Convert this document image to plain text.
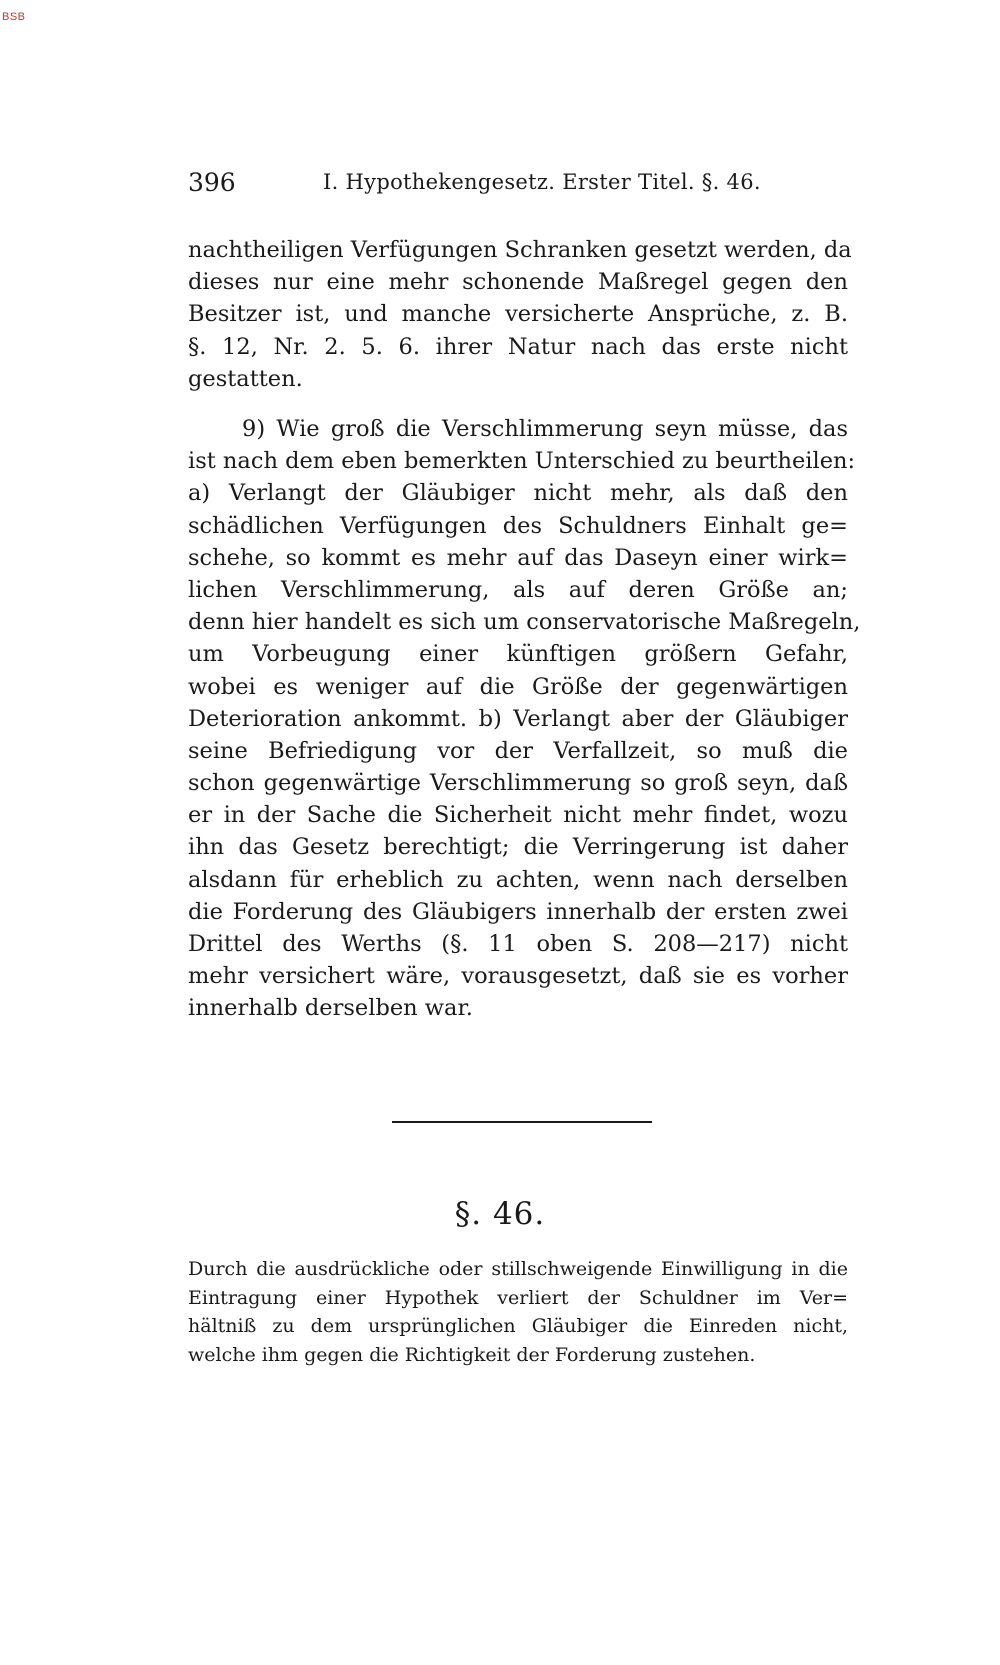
BSB
396	I. Hypothekengesetz. Erster Titel. §. 46.
nachtheiligen Verfügungen Schranken gesetzt werden, da
dieses nur eine mehr schonende Maßregel gegen den
Besitzer ist, und manche versicherte Ansprüche, z. B.
§. 12, Nr. 2. 5. 6. ihrer Natur nach das erste nicht
gestatten.
9) Wie groß die Verschlimmerung seyn müsse, das
ist nach dem eben bemerkten Unterschied zu beurtheilen:
a) Verlangt der Gläubiger nicht mehr, als daß den
schädlichen Verfügungen des Schuldners Einhalt ge=
schehe, so kommt es mehr auf das Daseyn einer wirk=
lichen Verschlimmerung, als auf deren Größe an;
denn hier handelt es sich um conservatorische Maßregeln,
um Vorbeugung einer künftigen größern Gefahr,
wobei es weniger auf die Größe der gegenwärtigen
Deterioration ankommt. b) Verlangt aber der Gläubiger
seine Befriedigung vor der Verfallzeit, so muß die
schon gegenwärtige Verschlimmerung so groß seyn, daß
er in der Sache die Sicherheit nicht mehr findet, wozu
ihn das Gesetz berechtigt; die Verringerung ist daher
alsdann für erheblich zu achten, wenn nach derselben
die Forderung des Gläubigers innerhalb der ersten zwei
Drittel des Werths (§. 11 oben S. 208—217) nicht
mehr versichert wäre, vorausgesetzt, daß sie es vorher
innerhalb derselben war.
§. 46.
Durch die ausdrückliche oder stillschweigende Einwilligung in die
Eintragung einer Hypothek verliert der Schuldner im Ver=
hältniß zu dem ursprünglichen Gläubiger die Einreden nicht,
welche ihm gegen die Richtigkeit der Forderung zustehen.
